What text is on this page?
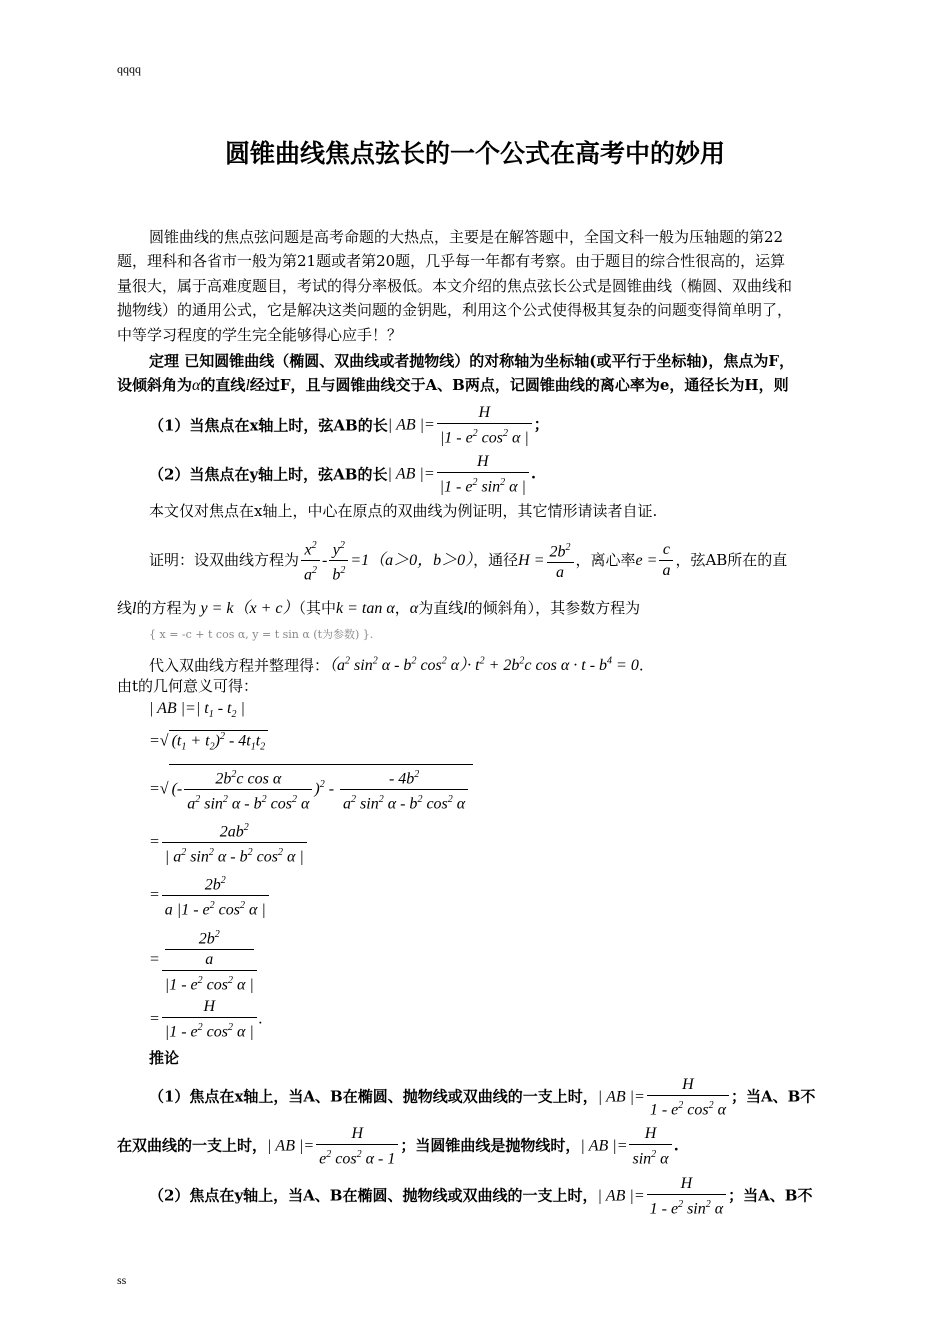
qqqq
ss
圆锥曲线焦点弦长的一个公式在高考中的妙用
圆锥曲线的焦点弦问题是高考命题的大热点，主要是在解答题中，全国文科一般为压轴题的第22
题，理科和各省市一般为第21题或者第20题，几乎每一年都有考察。由于题目的综合性很高的，运算
量很大，属于高难度题目，考试的得分率极低。本文介绍的焦点弦长公式是圆锥曲线（椭圆、双曲线和
抛物线）的通用公式，它是解决这类问题的金钥匙，利用这个公式使得极其复杂的问题变得简单明了，
中等学习程度的学生完全能够得心应手！？
定理 已知圆锥曲线（椭圆、双曲线或者抛物线）的对称轴为坐标轴(或平行于坐标轴)，焦点为F，
设倾斜角为α的直线l经过F，且与圆锥曲线交于A、B两点，记圆锥曲线的离心率为e，通径长为H，则
（1）当焦点在x轴上时，弦AB的长| AB |= $\frac{H}{|1 - e^2 \cos^2 \alpha |}$ ；
（2）当焦点在y轴上时，弦AB的长| AB |= $\frac{H}{|1 - e^2 \sin^2 \alpha |}$ .
本文仅对焦点在x轴上，中心在原点的双曲线为例证明，其它情形请读者自证.
证明：设双曲线方程为 $\frac{x^2}{a^2} - \frac{y^2}{b^2} =1(a>0$，b＞0），通径$H = \frac{2b^2}{a}$ ，离心率$e = \frac{c}{a}$ ，弦AB所在的直
线l的方程为 y = k（x + c）（其中k = tan α，α为直线l的倾斜角），其参数方程为
{ x = -c + t cos α, y = t sin α (t为参数) }.
代入双曲线方程并整理得：（$a^2$ $\sin^2 \alpha - b^2$ $\cos^2 \alpha)\cdot t^2 + 2b^2c$ $\cos \alpha \cdot t - b^4 = 0$.
由t的几何意义可得：
| AB |=| $t_1 - t_2$ |
=√ $(t_1 + t_2)^2 - 4t_1t_2$
=√ (- $\frac{2b^2c \cos \alpha}{a^2 \sin^2 \alpha - b^2 \cos^2 \alpha} )^2 - \frac{- 4b^2}{a^2 \sin^2 \alpha - b^2 \cos^2 \alpha}$
= $\frac{2ab^2}{| a^2 \sin^2 \alpha - b^2 \cos^2 \alpha |}$
= $\frac{2b^2}{a |1 - e^2 \cos^2 \alpha |}$
= $2b^2$
a
$|1 - e^2$ $\cos^2 \alpha$ |
= $\frac{H}{|1 - e^2 \cos^2 \alpha |}$ .
推论
（1）焦点在x轴上，当A、B在椭圆、抛物线或双曲线的一支上时，| AB |= $\frac{H}{1 - e^2 \cos^2 \alpha}$ ；当A、B不
在双曲线的一支上时，| AB |= $\frac{H}{e^2 \cos^2 \alpha - 1}$ ；当圆锥曲线是抛物线时，| AB |= $\frac{H}{\sin^2 \alpha}$ .
（2）焦点在y轴上，当A、B在椭圆、抛物线或双曲线的一支上时，| AB |= $\frac{H}{1 - e^2 \sin^2 \alpha}$ ；当A、B不
